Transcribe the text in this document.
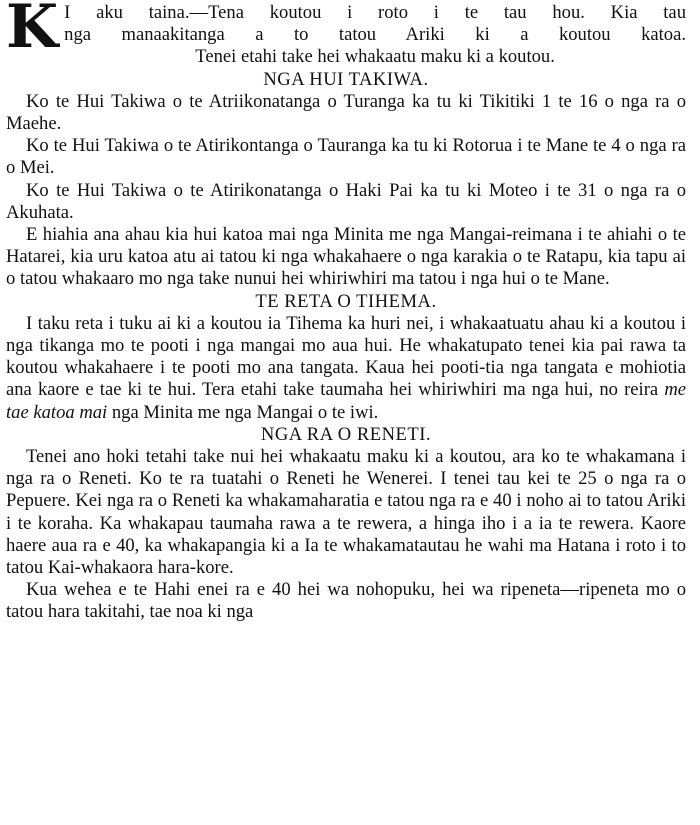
K I aku taina.—Tena koutou i roto i te tau hou. Kia tau
nga manaakitanga a to tatou Ariki ki a koutou katoa.
Tenei etahi take hei whakaatu maku ki a koutou.
NGA HUI TAKIWA.

Ko te Hui Takiwa o te Atriikonatanga o Turanga ka tu ki Tikitiki 1 te 16 o nga ra o Maehe.

Ko te Hui Takiwa o te Atirikontanga o Tauranga ka tu ki Rotorua i te Mane te 4 o nga ra o Mei.

Ko te Hui Takiwa o te Atirikonatanga o Haki Pai ka tu ki Moteo i te 31 o nga ra o Akuhata.

E hiahia ana ahau kia hui katoa mai nga Minita me nga Mangai-reimana i te ahiahi o te Hatarei, kia uru katoa atu ai tatou ki nga whakahaere o nga karakia o te Ratapu, kia tapu ai o tatou whakaaro mo nga take nunui hei whiriwhiri ma tatou i nga hui o te Mane.

TE RETA O TIHEMA.

I taku reta i tuku ai ki a koutou ia Tihema ka huri nei, i whakaatuatu ahau ki a koutou i nga tikanga mo te pooti i nga mangai mo aua hui. He whakatupato tenei kia pai rawa ta koutou whakahaere i te pooti mo ana tangata. Kaua hei pooti-tia nga tangata e mohiotia ana kaore e tae ki te hui. Tera etahi take taumaha hei whiriwhiri ma nga hui, no reira me tae katoa mai nga Minita me nga Mangai o te iwi.

NGA RA O RENETI.

Tenei ano hoki tetahi take nui hei whakaatu maku ki a koutou, ara ko te whakamana i nga ra o Reneti. Ko te ra tuatahi o Reneti he Wenerei. I tenei tau kei te 25 o nga ra o Pepuere. Kei nga ra o Reneti ka whakamaharatia e tatou nga ra e 40 i noho ai to tatou Ariki i te koraha. Ka whakapau taumaha rawa a te rewera, a hinga iho i a ia te rewera. Kaore haere aua ra e 40, ka whakapangia ki a Ia te whakamatautau he wahi ma Hatana i roto i to tatou Kai-whakaora hara-kore.

Kua wehea e te Hahi enei ra e 40 hei wa nohopuku, hei wa ripeneta—ripeneta mo o tatou hara takitahi, tae noa ki nga
